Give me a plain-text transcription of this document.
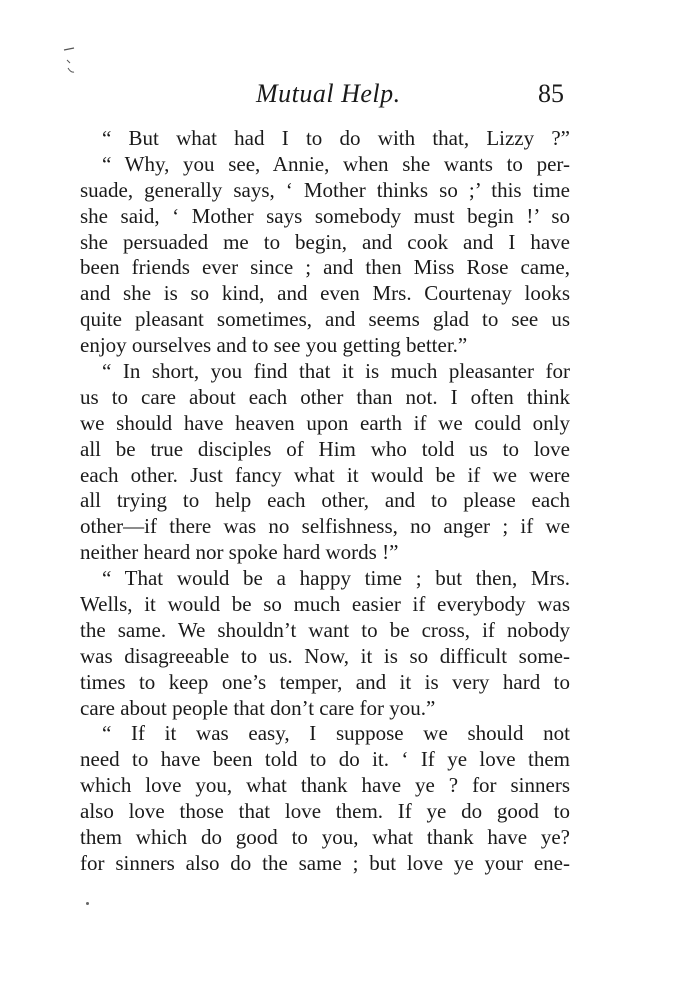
Mutual Help.	85
“ But what had I to do with that, Lizzy ?”
“ Why, you see, Annie, when she wants to per-
suade, generally says, ‘ Mother thinks so ;’ this time
she said, ‘ Mother says somebody must begin !’ so
she persuaded me to begin, and cook and I have
been friends ever since ; and then Miss Rose came,
and she is so kind, and even Mrs. Courtenay looks
quite pleasant sometimes, and seems glad to see us
enjoy ourselves and to see you getting better.”
“ In short, you find that it is much pleasanter for
us to care about each other than not. I often think
we should have heaven upon earth if we could only
all be true disciples of Him who told us to love
each other. Just fancy what it would be if we were
all trying to help each other, and to please each
other—if there was no selfishness, no anger ; if we
neither heard nor spoke hard words !”
“ That would be a happy time ; but then, Mrs.
Wells, it would be so much easier if everybody was
the same. We shouldn’t want to be cross, if nobody
was disagreeable to us. Now, it is so difficult some-
times to keep one’s temper, and it is very hard to
care about people that don’t care for you.”
“ If it was easy, I suppose we should not
need to have been told to do it. ‘ If ye love them
which love you, what thank have ye ? for sinners
also love those that love them. If ye do good to
them which do good to you, what thank have ye?
for sinners also do the same ; but love ye your ene-
